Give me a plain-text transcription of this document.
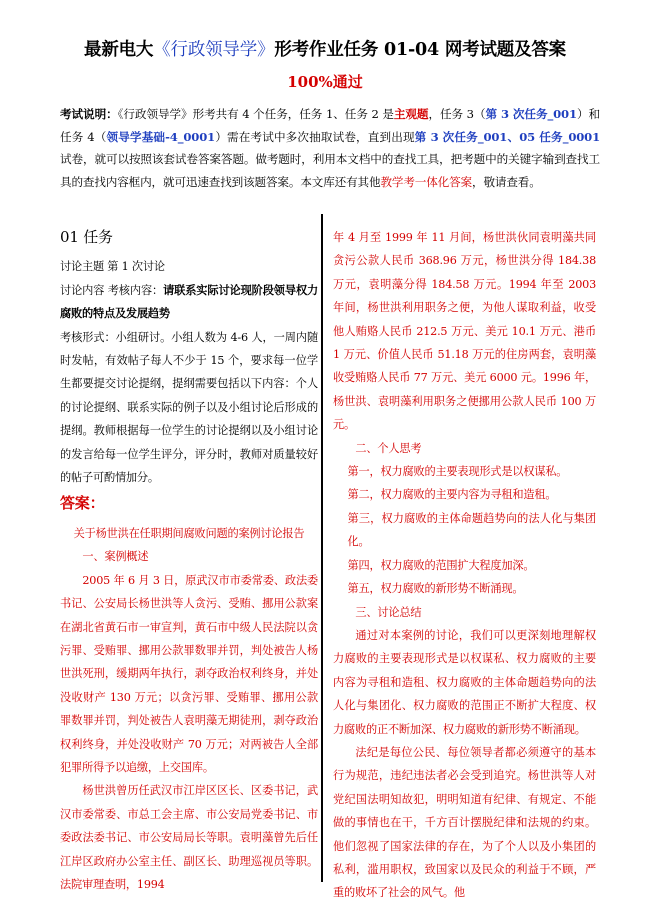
最新电大《行政领导学》形考作业任务 01-04 网考试题及答案
100%通过
考试说明：《行政领导学》形考共有 4 个任务，任务 1、任务 2 是主观题，任务 3（第 3 次任务_001）和任务 4（领导学基础-4_0001）需在考试中多次抽取试卷，直到出现第 3 次任务_001、05 任务_0001试卷，就可以按照该套试卷答案答题。做考题时，利用本文档中的查找工具，把考题中的关键字输到查找工具的查找内容框内，就可迅速查找到该题答案。本文库还有其他教学考一体化答案，敬请查看。
01 任务

讨论主题 第 1 次讨论

讨论内容 考核内容：请联系实际讨论现阶段领导权力腐败的特点及发展趋势

考核形式：小组研讨。小组人数为 4-6 人，一周内随时发帖，有效帖子每人不少于 15 个，要求每一位学生都要提交讨论提纲，提纲需要包括以下内容：个人的讨论提纲、联系实际的例子以及小组讨论后形成的提纲。教师根据每一位学生的讨论提纲以及小组讨论的发言给每一位学生评分，评分时，教师对质量较好的帖子可酌情加分。

答案：

关于杨世洪在任职期间腐败问题的案例讨论报告

一、案例概述

2005 年 6 月 3 日，原武汉市市委常委、政法委书记、公安局长杨世洪等人贪污、受贿、挪用公款案在湖北省黄石市一审宣判，黄石市中级人民法院以贪污罪、受贿罪、挪用公款罪数罪并罚，判处被告人杨世洪死刑，缓期两年执行，剥夺政治权利终身，并处没收财产 130 万元；以贪污罪、受贿罪、挪用公款罪数罪并罚，判处被告人袁明藻无期徒刑，剥夺政治权利终身，并处没收财产 70 万元；对两被告人全部犯罪所得予以追缴，上交国库。

杨世洪曾历任武汉市江岸区区长、区委书记，武汉市委常委、市总工会主席、市公安局党委书记、市委政法委书记、市公安局局长等职。袁明藻曾先后任江岸区政府办公室主任、副区长、助理巡视员等职。法院审理查明，1994

年 4 月至 1999 年 11 月间，杨世洪伙同袁明藻共同贪污公款人民币 368.96 万元，杨世洪分得 184.38 万元，袁明藻分得 184.58 万元。1994 年至 2003 年间，杨世洪利用职务之便，为他人谋取利益，收受他人贿赂人民币 212.5 万元、美元 10.1 万元、港币 1 万元、价值人民币 51.18 万元的住房两套，袁明藻收受贿赂人民币 77 万元、美元 6000 元。1996 年，杨世洪、袁明藻利用职务之便挪用公款人民币 100 万元。

二、个人思考

第一，权力腐败的主要表现形式是以权谋私。

第二，权力腐败的主要内容为寻租和造租。

第三，权力腐败的主体命题趋势向的法人化与集团化。

第四，权力腐败的范围扩大程度加深。

第五，权力腐败的新形势不断涌现。

三、讨论总结

通过对本案例的讨论，我们可以更深刻地理解权力腐败的主要表现形式是以权谋私、权力腐败的主要内容为寻租和造租、权力腐败的主体命题趋势向的法人化与集团化、权力腐败的范围正不断扩大程度、权力腐败的正不断加深、权力腐败的新形势不断涌现。

法纪是每位公民、每位领导者都必须遵守的基本行为规范，违纪违法者必会受到追究。杨世洪等人对党纪国法明知故犯，明明知道有纪律、有规定、不能做的事情也在干，千方百计摆脱纪律和法规的约束。他们忽视了国家法律的存在，为了个人以及小集团的私利，滥用职权，致国家以及民众的利益于不顾，严重的败坏了社会的风气。他
